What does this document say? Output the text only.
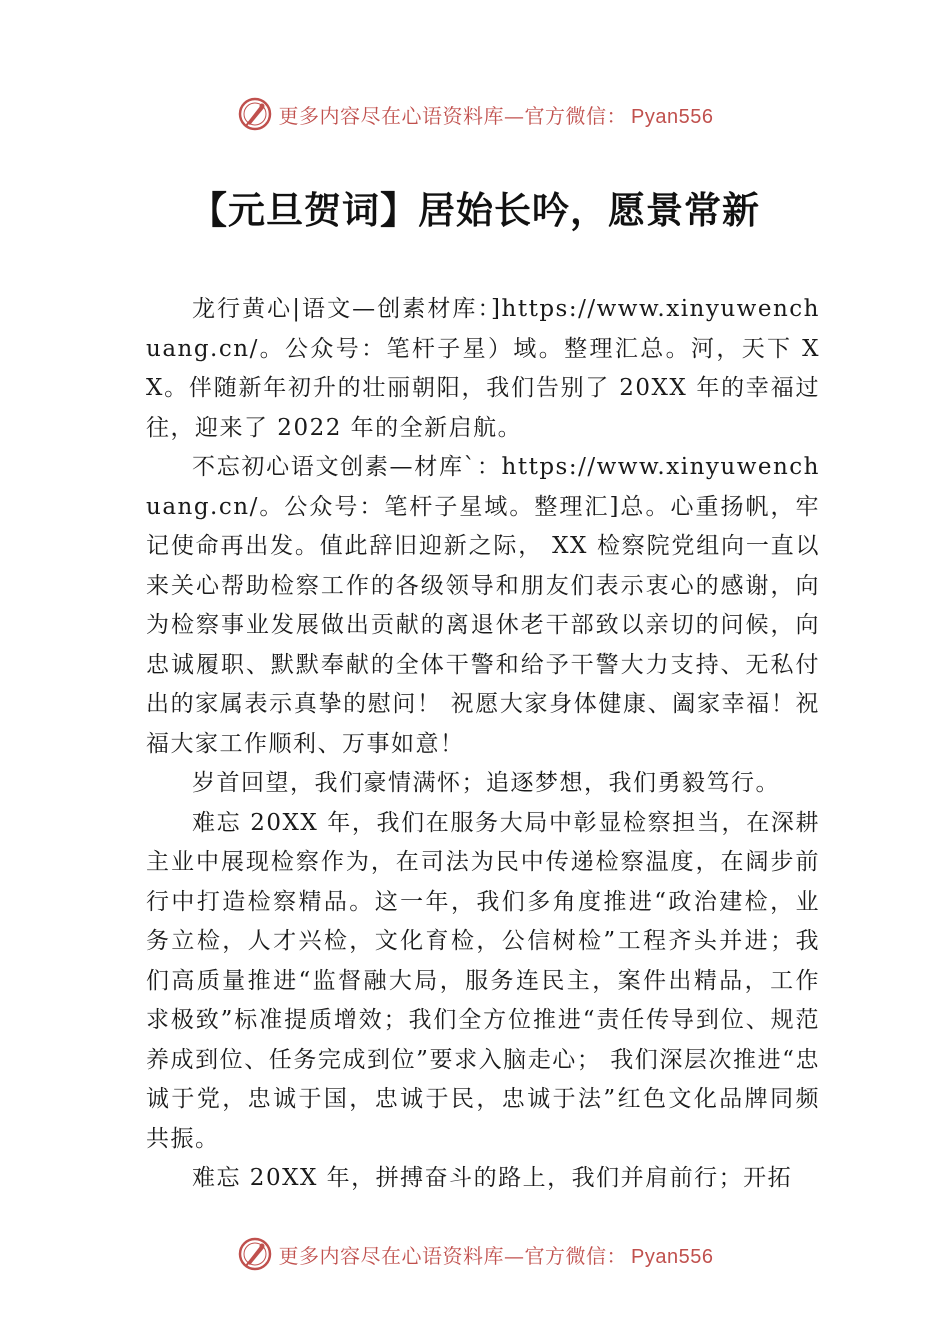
更多内容尽在心语资料库—官方微信： Pyan556
【元旦贺词】居始长吟，愿景常新

龙行黄心|语文—创素材库：]https://www.xinyuwenchuang.cn/。公众号：笔杆子星）域。整理汇总。河，天下 XX。伴随新年初升的壮丽朝阳，我们告别了 20XX 年的幸福过往，迎来了 2022 年的全新启航。

不忘初心语文创素—材库`：https://www.xinyuwenchuang.cn/。公众号：笔杆子星域。整理汇]总。心重扬帆，牢记使命再出发。值此辞旧迎新之际， XX 检察院党组向一直以来关心帮助检察工作的各级领导和朋友们表示衷心的感谢，向为检察事业发展做出贡献的离退休老干部致以亲切的问候，向忠诚履职、默默奉献的全体干警和给予干警大力支持、无私付出的家属表示真挚的慰问！ 祝愿大家身体健康、阖家幸福！祝福大家工作顺利、万事如意！

岁首回望，我们豪情满怀；追逐梦想，我们勇毅笃行。

难忘 20XX 年，我们在服务大局中彰显检察担当，在深耕主业中展现检察作为，在司法为民中传递检察温度，在阔步前行中打造检察精品。这一年，我们多角度推进“政治建检，业务立检，人才兴检，文化育检，公信树检”工程齐头并进；我们高质量推进“监督融大局，服务连民主，案件出精品，工作求极致”标准提质增效；我们全方位推进“责任传导到位、规范养成到位、任务完成到位”要求入脑走心； 我们深层次推进“忠诚于党，忠诚于国，忠诚于民，忠诚于法”红色文化品牌同频共振。

难忘 20XX 年，拼搏奋斗的路上，我们并肩前行；开拓

更多内容尽在心语资料库—官方微信： Pyan556
